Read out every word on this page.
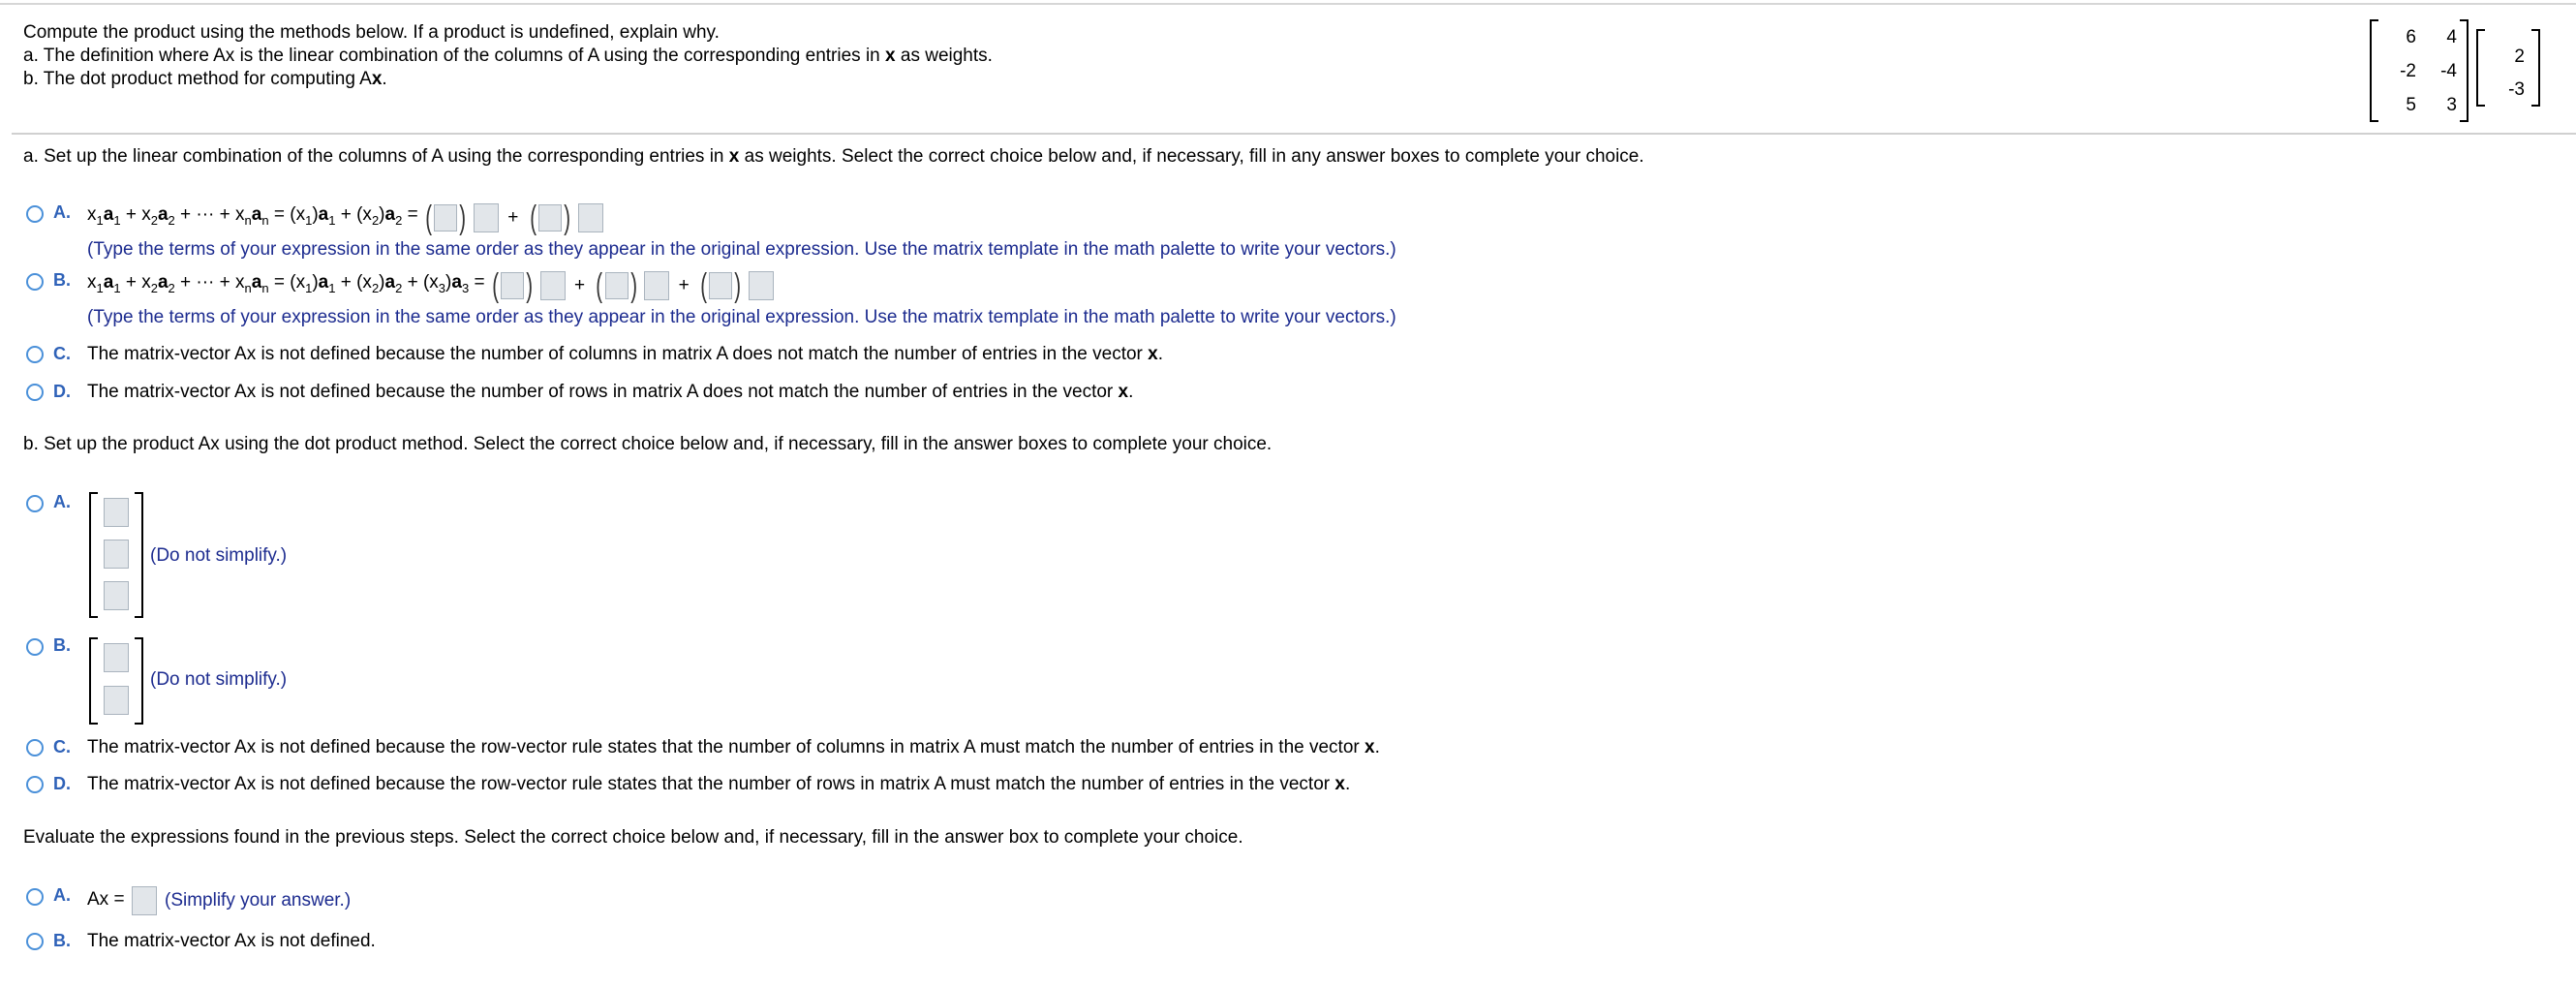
Compute the product using the methods below. If a product is undefined, explain why.
a. The definition where Ax is the linear combination of the columns of A using the corresponding entries in x as weights.
b. The dot product method for computing Ax.
6	4
-2	-4
5	3
2
-3
a. Set up the linear combination of the columns of A using the corresponding entries in x as weights. Select the correct choice below and, if necessary, fill in any answer boxes to complete your choice.
A. $x_1a_1 + x_2a_2$ + ··· + $x_na_n = (x_1)a_1 + (x_2)a_2$ = ( ) + ( )
(Type the terms of your expression in the same order as they appear in the original expression. Use the matrix template in the math palette to write your vectors.)
B. $x_1a_1 + x_2a_2$ + ··· + $x_na_n = (x_1)a_1 + (x_2)a_2 + (x_3)a_3$ = ( ) + ( ) + ( )
(Type the terms of your expression in the same order as they appear in the original expression. Use the matrix template in the math palette to write your vectors.)
C. The matrix-vector Ax is not defined because the number of columns in matrix A does not match the number of entries in the vector x.
D. The matrix-vector Ax is not defined because the number of rows in matrix A does not match the number of entries in the vector x.
b. Set up the product Ax using the dot product method. Select the correct choice below and, if necessary, fill in the answer boxes to complete your choice.
A.
(Do not simplify.)
B.
(Do not simplify.)
C. The matrix-vector Ax is not defined because the row-vector rule states that the number of columns in matrix A must match the number of entries in the vector x.
D. The matrix-vector Ax is not defined because the row-vector rule states that the number of rows in matrix A must match the number of entries in the vector x.
Evaluate the expressions found in the previous steps. Select the correct choice below and, if necessary, fill in the answer box to complete your choice.
A. Ax = (Simplify your answer.)
B. The matrix-vector Ax is not defined.
